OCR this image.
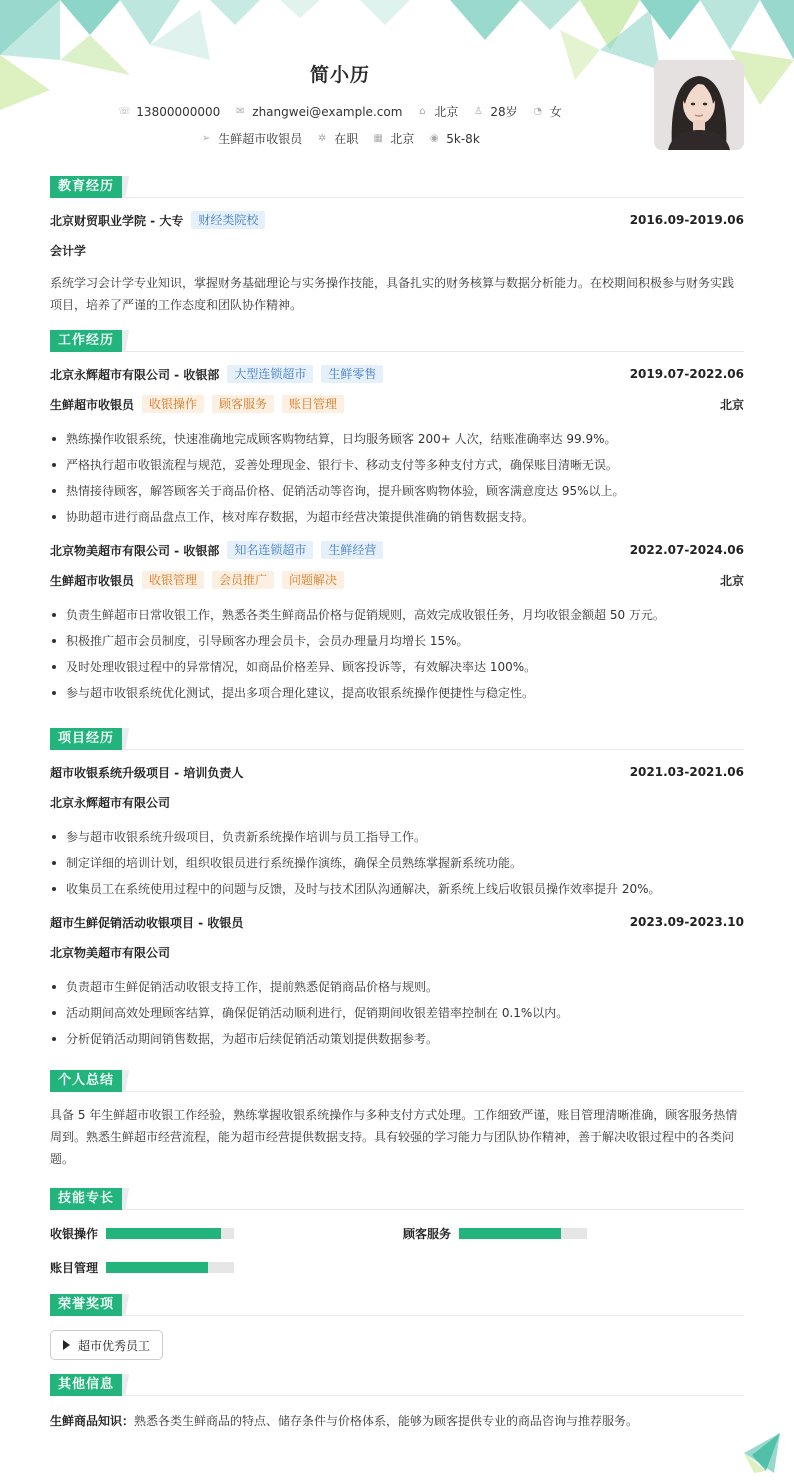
简小历
☏ 13800000000 ✉ zhangwei@example.com ⌂ 北京 ♙ 28岁 ◔ 女
➢ 生鲜超市收银员 ✲ 在职 ▦ 北京 ◉ 5k-8k
教育经历
北京财贸职业学院 - 大专	财经类院校	2016.09-2019.06
会计学
系统学习会计学专业知识，掌握财务基础理论与实务操作技能，具备扎实的财务核算与数据分析能力。在校期间积极参与财务实践项目，培养了严谨的工作态度和团队协作精神。
工作经历
北京永辉超市有限公司 - 收银部	大型连锁超市	生鲜零售	2019.07-2022.06
生鲜超市收银员	收银操作	顾客服务	账目管理	北京
熟练操作收银系统，快速准确地完成顾客购物结算，日均服务顾客 200+ 人次，结账准确率达 99.9%。
严格执行超市收银流程与规范，妥善处理现金、银行卡、移动支付等多种支付方式，确保账目清晰无误。
热情接待顾客，解答顾客关于商品价格、促销活动等咨询，提升顾客购物体验，顾客满意度达 95%以上。
协助超市进行商品盘点工作，核对库存数据，为超市经营决策提供准确的销售数据支持。
北京物美超市有限公司 - 收银部	知名连锁超市	生鲜经营	2022.07-2024.06
生鲜超市收银员	收银管理	会员推广	问题解决	北京
负责生鲜超市日常收银工作，熟悉各类生鲜商品价格与促销规则，高效完成收银任务，月均收银金额超 50 万元。
积极推广超市会员制度，引导顾客办理会员卡，会员办理量月均增长 15%。
及时处理收银过程中的异常情况，如商品价格差异、顾客投诉等，有效解决率达 100%。
参与超市收银系统优化测试，提出多项合理化建议，提高收银系统操作便捷性与稳定性。
项目经历
超市收银系统升级项目 - 培训负责人	2021.03-2021.06
北京永辉超市有限公司
参与超市收银系统升级项目，负责新系统操作培训与员工指导工作。
制定详细的培训计划，组织收银员进行系统操作演练，确保全员熟练掌握新系统功能。
收集员工在系统使用过程中的问题与反馈，及时与技术团队沟通解决，新系统上线后收银员操作效率提升 20%。
超市生鲜促销活动收银项目 - 收银员	2023.09-2023.10
北京物美超市有限公司
负责超市生鲜促销活动收银支持工作，提前熟悉促销商品价格与规则。
活动期间高效处理顾客结算，确保促销活动顺利进行，促销期间收银差错率控制在 0.1%以内。
分析促销活动期间销售数据，为超市后续促销活动策划提供数据参考。
个人总结
具备 5 年生鲜超市收银工作经验，熟练掌握收银系统操作与多种支付方式处理。工作细致严谨，账目管理清晰准确，顾客服务热情周到。熟悉生鲜超市经营流程，能为超市经营提供数据支持。具有较强的学习能力与团队协作精神，善于解决收银过程中的各类问题。
技能专长
收银操作	顾客服务
账目管理
荣誉奖项
超市优秀员工
其他信息
生鲜商品知识：熟悉各类生鲜商品的特点、储存条件与价格体系，能够为顾客提供专业的商品咨询与推荐服务。
